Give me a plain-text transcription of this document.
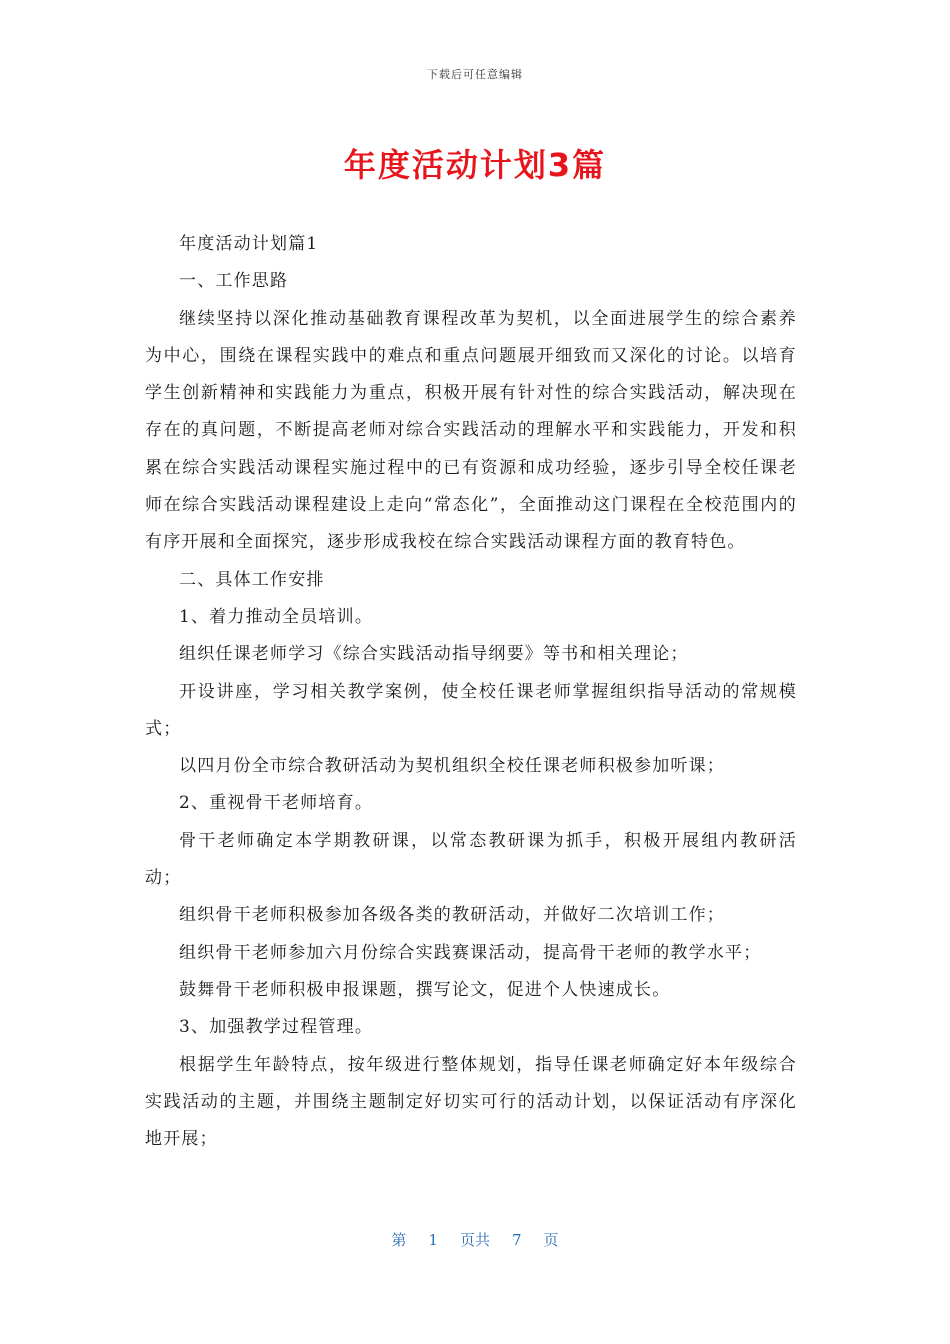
下载后可任意编辑
年度活动计划3篇

年度活动计划篇1

一、工作思路

继续坚持以深化推动基础教育课程改革为契机，以全面进展学生的综合素养为中心，围绕在课程实践中的难点和重点问题展开细致而又深化的讨论。以培育学生创新精神和实践能力为重点，积极开展有针对性的综合实践活动，解决现在存在的真问题，不断提高老师对综合实践活动的理解水平和实践能力，开发和积累在综合实践活动课程实施过程中的已有资源和成功经验，逐步引导全校任课老师在综合实践活动课程建设上走向“常态化”，全面推动这门课程在全校范围内的有序开展和全面探究，逐步形成我校在综合实践活动课程方面的教育特色。

二、具体工作安排

1、着力推动全员培训。

组织任课老师学习《综合实践活动指导纲要》等书和相关理论；

开设讲座，学习相关教学案例，使全校任课老师掌握组织指导活动的常规模式；

以四月份全市综合教研活动为契机组织全校任课老师积极参加听课；

2、重视骨干老师培育。

骨干老师确定本学期教研课，以常态教研课为抓手，积极开展组内教研活动；

组织骨干老师积极参加各级各类的教研活动，并做好二次培训工作；

组织骨干老师参加六月份综合实践赛课活动，提高骨干老师的教学水平；

鼓舞骨干老师积极申报课题，撰写论文，促进个人快速成长。

3、加强教学过程管理。

根据学生年龄特点，按年级进行整体规划，指导任课老师确定好本年级综合实践活动的主题，并围绕主题制定好切实可行的活动计划，以保证活动有序深化地开展；

第 1 页共 7 页
